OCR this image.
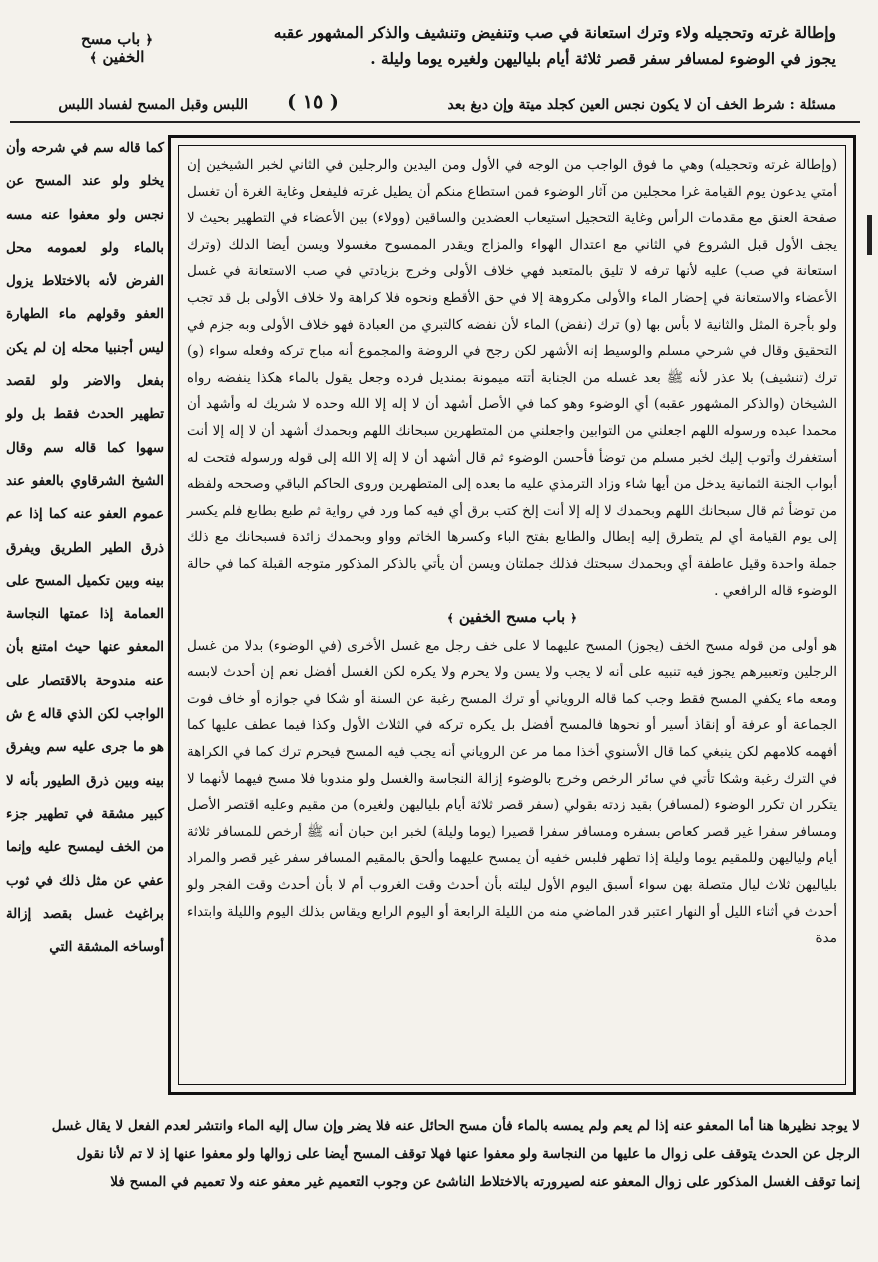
وإطالة غرته وتحجيله ولاء وترك استعانة في صب وتنفيض وتنشيف والذكر المشهور عقبه

يجوز في الوضوء لمسافر سفر قصر ثلاثة أيام بلياليهن ولغيره يوما وليلة .

﴿ باب مسح الخفين ﴾
مسئلة : شرط الخف أن لا يكون نجس العين كجلد ميتة وإن دبغ بعد
( ١٥ )
اللبس وقبل المسح لفساد اللبس

(وإطالة غرته وتحجيله) وهي ما فوق الواجب من الوجه في الأول ومن اليدين والرجلين في الثاني لخبر الشيخين إن أمتي يدعون يوم القيامة غرا محجلين من آثار الوضوء فمن استطاع منكم أن يطيل غرته فليفعل وغاية الغرة أن تغسل صفحة العنق مع مقدمات الرأس وغاية التحجيل استيعاب العضدين والساقين (وولاء) بين الأعضاء في التطهير بحيث لا يجف الأول قبل الشروع في الثاني مع اعتدال الهواء والمزاج ويقدر الممسوح مغسولا ويسن أيضا الدلك (وترك استعانة في صب) عليه لأنها ترفه لا تليق بالمتعبد فهي خلاف الأولى وخرج بزيادتي في صب الاستعانة في غسل الأعضاء والاستعانة في إحضار الماء والأولى مكروهة إلا في حق الأقطع ونحوه فلا كراهة ولا خلاف الأولى بل قد تجب ولو بأجرة المثل والثانية لا بأس بها (و) ترك (نفض) الماء لأن نفضه كالتبري من العبادة فهو خلاف الأولى وبه جزم في التحقيق وقال في شرحي مسلم والوسيط إنه الأشهر لكن رجح في الروضة والمجموع أنه مباح تركه وفعله سواء (و) ترك (تنشيف) بلا عذر لأنه ﷺ بعد غسله من الجنابة أتته ميمونة بمنديل فرده وجعل يقول بالماء هكذا ينفضه رواه الشيخان (والذكر المشهور عقبه) أي الوضوء وهو كما في الأصل أشهد أن لا إله إلا الله وحده لا شريك له وأشهد أن محمدا عبده ورسوله اللهم اجعلني من التوابين واجعلني من المتطهرين سبحانك اللهم وبحمدك أشهد أن لا إله إلا أنت أستغفرك وأتوب إليك لخبر مسلم من توضأ فأحسن الوضوء ثم قال أشهد أن لا إله إلا الله إلى قوله ورسوله فتحت له أبواب الجنة الثمانية يدخل من أيها شاء وزاد الترمذي عليه ما بعده إلى المتطهرين وروى الحاكم الباقي وصححه ولفظه من توضأ ثم قال سبحانك اللهم وبحمدك لا إله إلا أنت إلخ كتب برق أي فيه كما ورد في رواية ثم طبع بطابع فلم يكسر إلى يوم القيامة أي لم يتطرق إليه إبطال والطابع بفتح الباء وكسرها الخاتم وواو وبحمدك زائدة فسبحانك مع ذلك جملة واحدة وقيل عاطفة أي وبحمدك سبحتك فذلك جملتان ويسن أن يأتي بالذكر المذكور متوجه القبلة كما في حالة الوضوء قاله الرافعي .

﴿ باب مسح الخفين ﴾

هو أولى من قوله مسح الخف (يجوز) المسح عليهما لا على خف رجل مع غسل الأخرى (في الوضوء) بدلا من غسل الرجلين وتعبيرهم يجوز فيه تنبيه على أنه لا يجب ولا يسن ولا يحرم ولا يكره لكن الغسل أفضل نعم إن أحدث لابسه ومعه ماء يكفي المسح فقط وجب كما قاله الروياني أو ترك المسح رغبة عن السنة أو شكا في جوازه أو خاف فوت الجماعة أو عرفة أو إنقاذ أسير أو نحوها فالمسح أفضل بل يكره تركه في الثلاث الأول وكذا فيما عطف عليها كما أفهمه كلامهم لكن ينبغي كما قال الأسنوي أخذا مما مر عن الروياني أنه يجب فيه المسح فيحرم ترك كما في الكراهة في الترك رغبة وشكا تأتي في سائر الرخص وخرج بالوضوء إزالة النجاسة والغسل ولو مندوبا فلا مسح فيهما لأنهما لا يتكرر ان تكرر الوضوء (لمسافر) بقيد زدته بقولي (سفر قصر ثلاثة أيام بلياليهن ولغيره) من مقيم وعليه اقتصر الأصل ومسافر سفرا غير قصر كعاص بسفره ومسافر سفرا قصيرا (يوما وليلة) لخبر ابن حبان أنه ﷺ أرخص للمسافر ثلاثة أيام ولياليهن وللمقيم يوما وليلة إذا تطهر فلبس خفيه أن يمسح عليهما وألحق بالمقيم المسافر سفر غير قصر والمراد بلياليهن ثلاث ليال متصلة بهن سواء أسبق اليوم الأول ليلته بأن أحدث وقت الغروب أم لا بأن أحدث وقت الفجر ولو أحدث في أثناء الليل أو النهار اعتبر قدر الماضي منه من الليلة الرابعة أو اليوم الرابع ويقاس بذلك اليوم والليلة وابتداء مدة

كما قاله سم في شرحه وأن يخلو ولو عند المسح عن نجس ولو معفوا عنه مسه بالماء ولو لعمومه محل الفرض لأنه بالاختلاط يزول العفو وقولهم ماء الطهارة ليس أجنبيا محله إن لم يكن بفعل والاضر ولو لقصد تطهير الحدث فقط بل ولو سهوا كما قاله سم وقال الشيخ الشرقاوي بالعفو عند عموم العفو عنه كما إذا عم ذرق الطير الطريق ويفرق بينه وبين تكميل المسح على العمامة إذا عمتها النجاسة المعفو عنها حيث امتنع بأن عنه مندوحة بالاقتصار على الواجب لكن الذي قاله ع ش هو ما جرى عليه سم ويفرق بينه وبين ذرق الطيور بأنه لا كبير مشقة في تطهير جزء من الخف ليمسح عليه وإنما عفي عن مثل ذلك في ثوب براغيث غسل بقصد إزالة أوساخه المشقة التي
لا يوجد نظيرها هنا أما المعفو عنه إذا لم يعم ولم يمسه بالماء فأن مسح الحائل عنه فلا يضر وإن سال إليه الماء وانتشر لعدم الفعل لا يقال غسل
الرجل عن الحدث يتوقف على زوال ما عليها من النجاسة ولو معفوا عنها فهلا توقف المسح أيضا على زوالها ولو معفوا عنها إذ لا تم لأنا نقول
إنما توقف الغسل المذكور على زوال المعفو عنه لصيرورته بالاختلاط الناشئ عن وجوب التعميم غير معفو عنه ولا تعميم في المسح فلا
